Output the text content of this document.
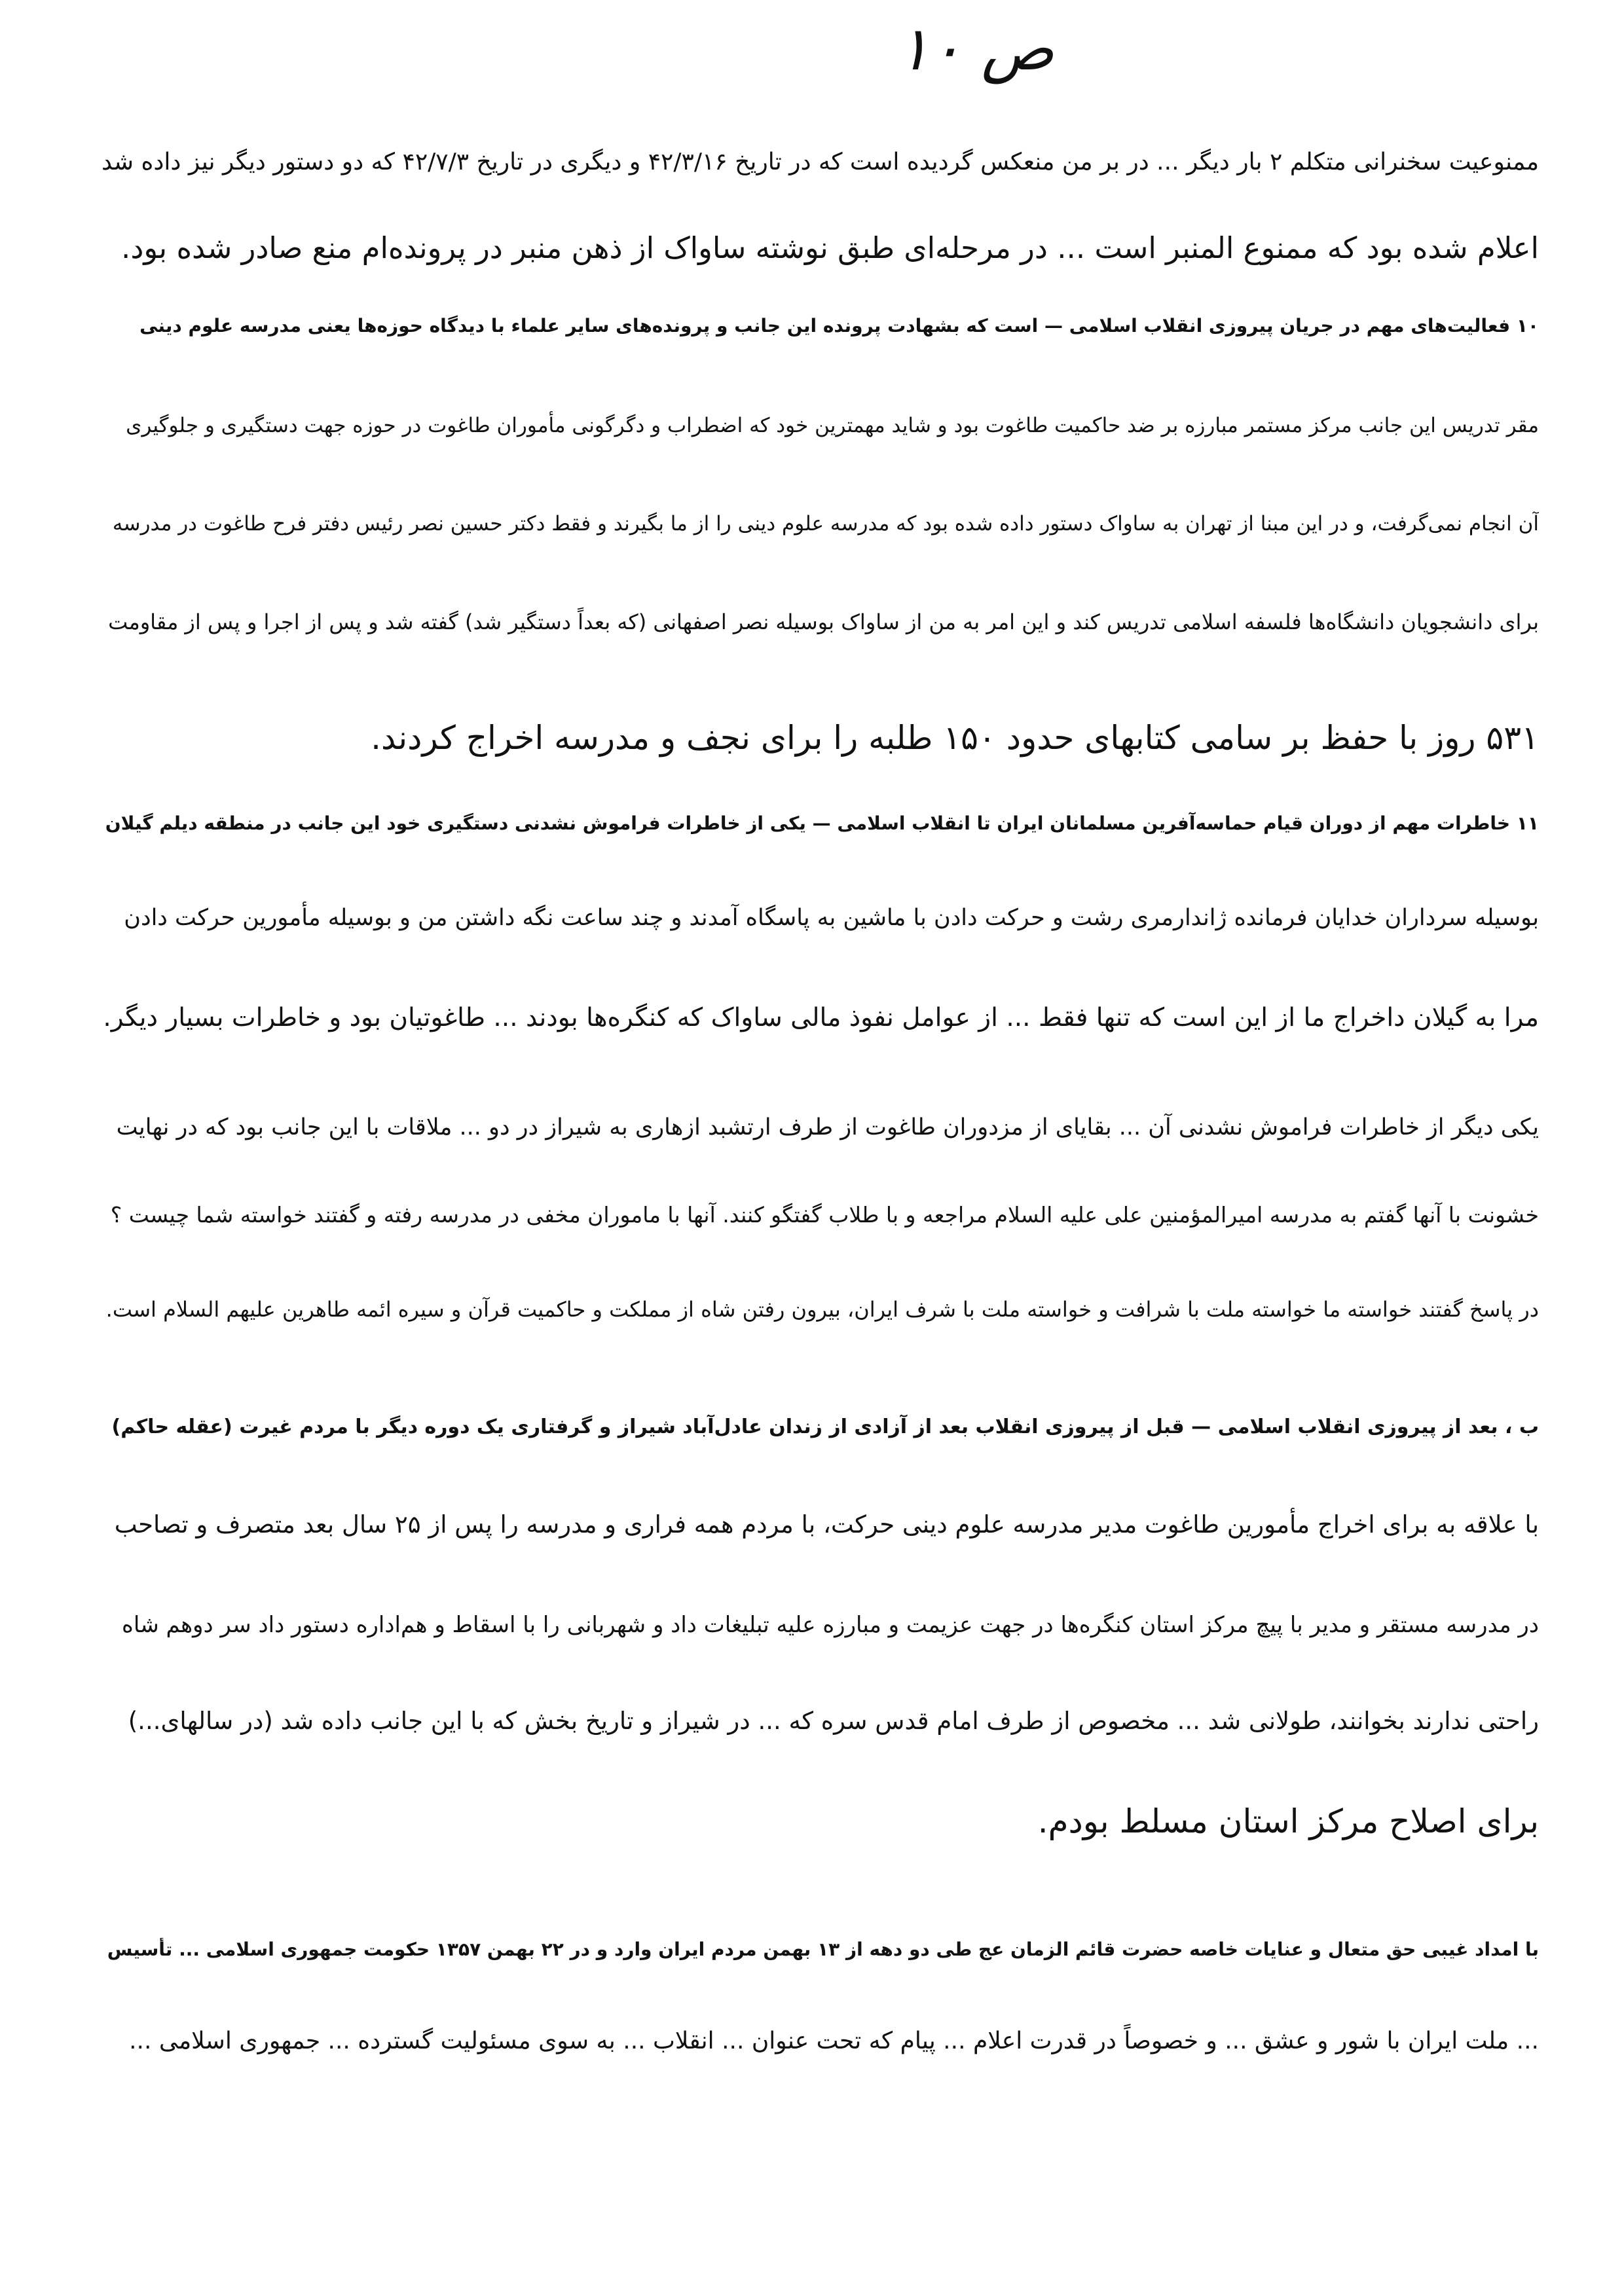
ص ۱۰
ممنوعیت سخنرانی متکلم ۲ بار دیگر ... در بر من منعکس گردیده است که در تاریخ ۴۲/۳/۱۶ و دیگری در تاریخ ۴۲/۷/۳ که دو دستور دیگر نیز داده شد
اعلام شده بود که ممنوع المنبر است ... در مرحله‌ای طبق نوشته ساواک از ذهن منبر در پرونده‌ام منع صادر شده بود.
۱۰ فعالیت‌های مهم در جریان پیروزی انقلاب اسلامی — است که بشهادت پرونده این جانب و پرونده‌های سایر علماء با دیدگاه حوزه‌ها یعنی مدرسه علوم دینی
مقر تدریس این جانب مرکز مستمر مبارزه بر ضد حاکمیت طاغوت بود و شاید مهمترین خود که اضطراب و دگرگونی مأموران طاغوت در حوزه جهت دستگیری و جلوگیری
آن انجام نمی‌گرفت، و در این مبنا از تهران به ساواک دستور داده شده بود که مدرسه علوم دینی را از ما بگیرند و فقط دکتر حسین نصر رئیس دفتر فرح طاغوت در مدرسه
برای دانشجویان دانشگاه‌ها فلسفه اسلامی تدریس کند و این امر به من از ساواک بوسیله نصر اصفهانی (که بعداً دستگیر شد) گفته شد و پس از اجرا و پس از مقاومت
۵۳۱ روز با حفظ بر سامی کتابهای حدود ۱۵۰ طلبه را برای نجف و مدرسه اخراج کردند.
۱۱ خاطرات مهم از دوران قیام حماسه‌آفرین مسلمانان ایران تا انقلاب اسلامی — یکی از خاطرات فراموش نشدنی دستگیری خود این جانب در منطقه دیلم گیلان
بوسیله سرداران خدایان فرمانده ژاندارمری رشت و حرکت دادن با ماشین به پاسگاه آمدند و چند ساعت نگه داشتن من و بوسیله مأمورین حرکت دادن
مرا به گیلان داخراج ما از این است که تنها فقط ... از عوامل نفوذ مالی ساواک که کنگره‌ها بودند ... طاغوتیان بود و خاطرات بسیار دیگر.
یکی دیگر از خاطرات فراموش نشدنی آن ... بقایای از مزدوران طاغوت از طرف ارتشبد ازهاری به شیراز در دو ... ملاقات با این جانب بود که در نهایت
خشونت با آنها گفتم به مدرسه امیرالمؤمنین علی علیه السلام مراجعه و با طلاب گفتگو کنند. آنها با ماموران مخفی در مدرسه رفته و گفتند خواسته شما چیست ؟
در پاسخ گفتند خواسته ما خواسته ملت با شرافت و خواسته ملت با شرف ایران، بیرون رفتن شاه از مملکت و حاکمیت قرآن و سیره ائمه طاهرین علیهم السلام است.
ب ، بعد از پیروزی انقلاب اسلامی — قبل از پیروزی انقلاب بعد از آزادی از زندان عادل‌آباد شیراز و گرفتاری یک دوره دیگر با مردم غیرت (عقله حاکم)
با علاقه به برای اخراج مأمورین طاغوت مدیر مدرسه علوم دینی حرکت، با مردم همه فراری و مدرسه را پس از ۲۵ سال بعد متصرف و تصاحب
در مدرسه مستقر و مدیر با پیچ مرکز استان کنگره‌ها در جهت عزیمت و مبارزه علیه تبلیغات داد و شهربانی را با اسقاط و هم‌اداره دستور داد سر دوهم شاه
راحتی ندارند بخوانند، طولانی شد ... مخصوص از طرف امام قدس سره که ... در شیراز و تاریخ بخش که با این جانب داده شد (در سالهای...)
برای اصلاح مرکز استان مسلط بودم.
با امداد غیبی حق متعال و عنایات خاصه حضرت قائم الزمان عج طی دو دهه از ۱۳ بهمن مردم ایران وارد و در ۲۲ بهمن ۱۳۵۷ حکومت جمهوری اسلامی ... تأسیس
... ملت ایران با شور و عشق ... و خصوصاً در قدرت اعلام ... پیام که تحت عنوان ... انقلاب ... به سوی مسئولیت گسترده ... جمهوری اسلامی ...
